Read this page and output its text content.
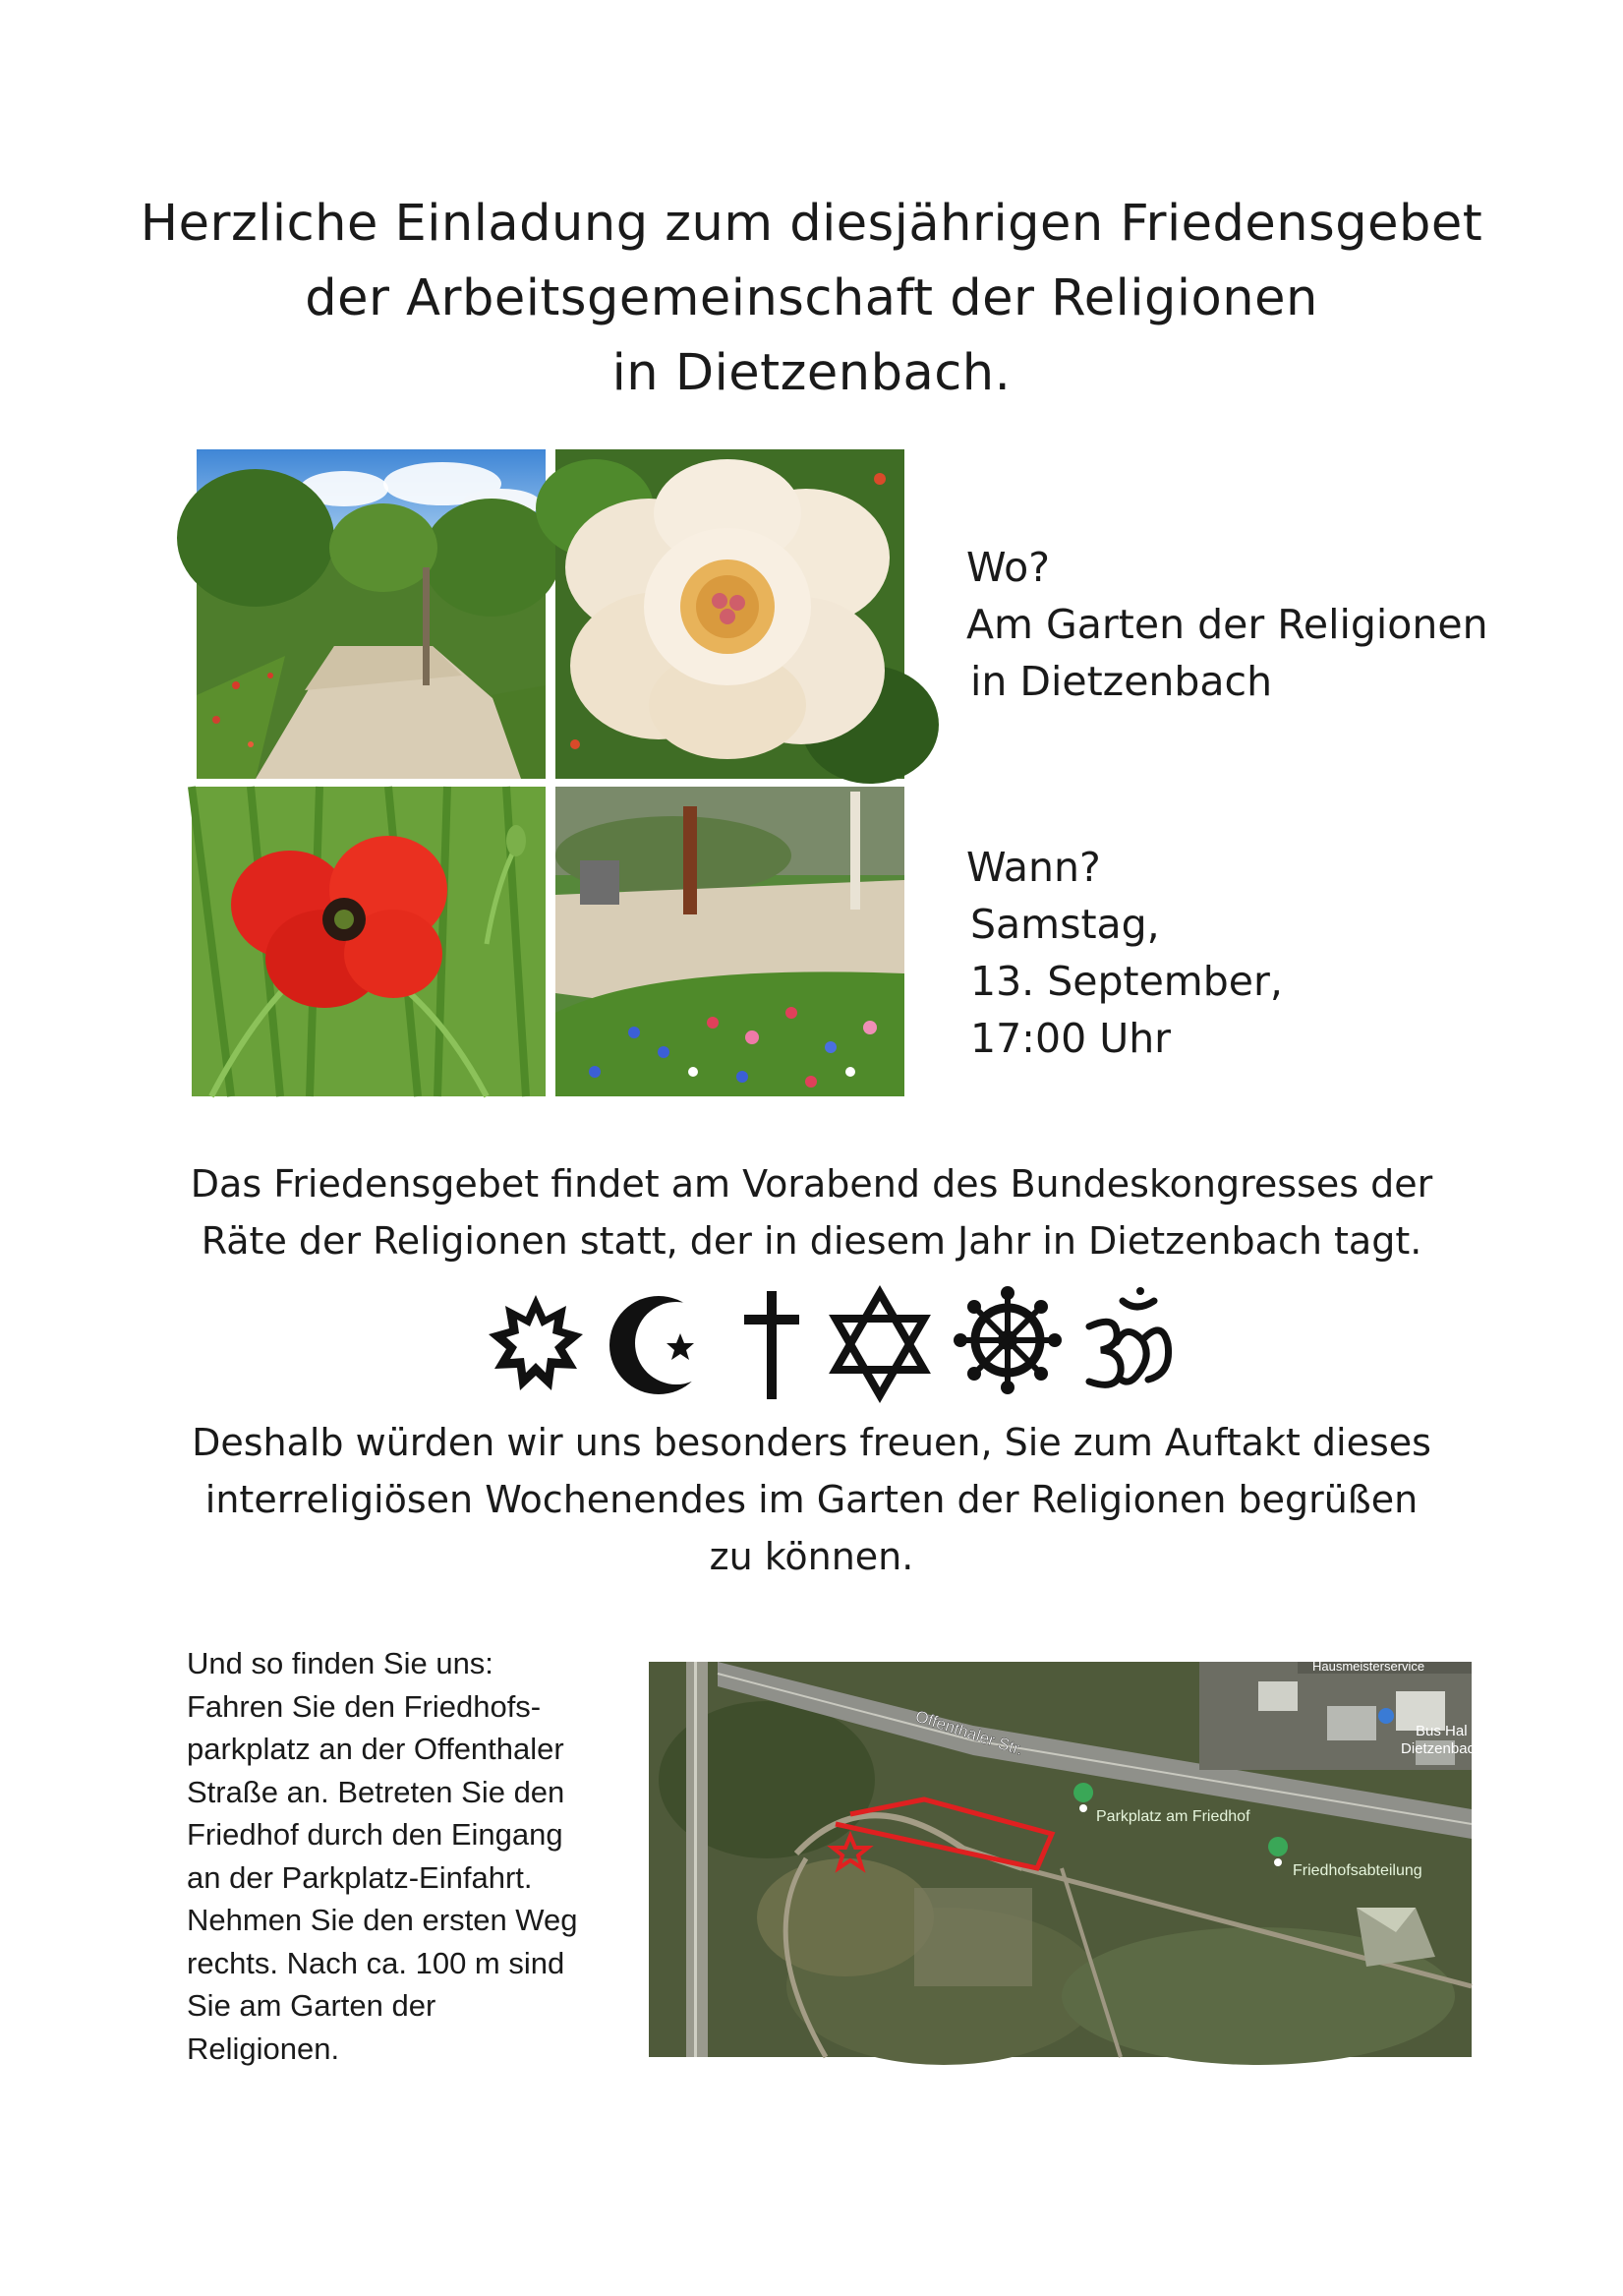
Herzliche Einladung zum diesjährigen Friedensgebet
der Arbeitsgemeinschaft der Religionen
in Dietzenbach.
Wo?
Am Garten der Religionen
in Dietzenbach
Wann?
Samstag,
13. September,
17:00 Uhr
Das Friedensgebet findet am Vorabend des Bundeskongresses der
Räte der Religionen statt, der in diesem Jahr in Dietzenbach tagt.
Deshalb würden wir uns besonders freuen, Sie zum Auftakt dieses
interreligiösen Wochenendes im Garten der Religionen begrüßen
zu können.
Und so finden Sie uns:
Fahren Sie den Friedhofs-
parkplatz an der Offenthaler
Straße an. Betreten Sie den
Friedhof durch den Eingang
an der Parkplatz-Einfahrt.
Nehmen Sie den ersten Weg
rechts. Nach ca. 100 m sind
Sie am Garten der
Religionen.
Offenthaler Str.
Parkplatz am Friedhof
Friedhofsabteilung
Bus Hal
Dietzenbach
Hausmeisterservice
